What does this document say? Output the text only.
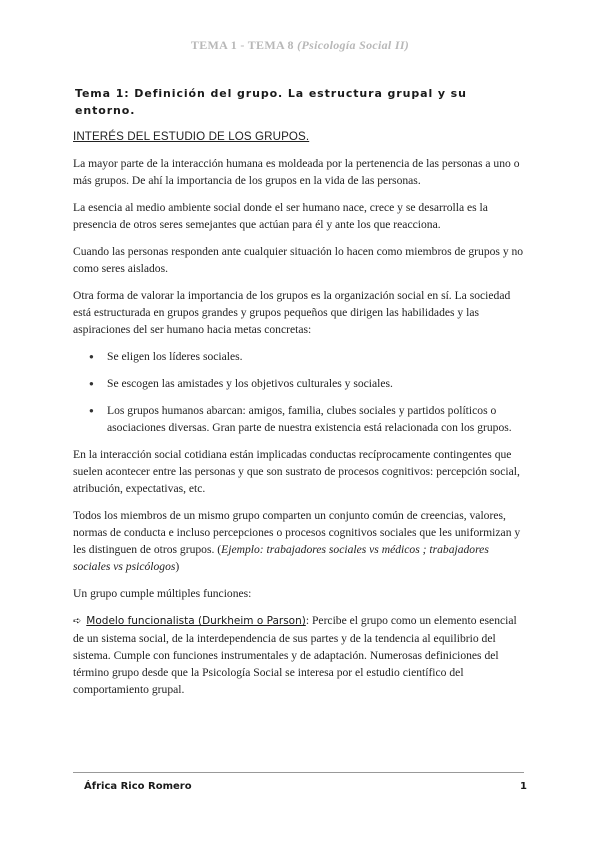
TEMA 1 - TEMA 8 (Psicología Social II)
Tema 1: Definición del grupo. La estructura grupal y su entorno.
INTERÉS DEL ESTUDIO DE LOS GRUPOS.

La mayor parte de la interacción humana es moldeada por la pertenencia de las personas a uno o más grupos. De ahí la importancia de los grupos en la vida de las personas.

La esencia al medio ambiente social donde el ser humano nace, crece y se desarrolla es la presencia de otros seres semejantes que actúan para él y ante los que reacciona.

Cuando las personas responden ante cualquier situación lo hacen como miembros de grupos y no como seres aislados.

Otra forma de valorar la importancia de los grupos es la organización social en sí. La sociedad está estructurada en grupos grandes y grupos pequeños que dirigen las habilidades y las aspiraciones del ser humano hacia metas concretas:

● Se eligen los líderes sociales.
● Se escogen las amistades y los objetivos culturales y sociales.
● Los grupos humanos abarcan: amigos, familia, clubes sociales y partidos políticos o asociaciones diversas. Gran parte de nuestra existencia está relacionada con los grupos.

En la interacción social cotidiana están implicadas conductas recíprocamente contingentes que suelen acontecer entre las personas y que son sustrato de procesos cognitivos: percepción social, atribución, expectativas, etc.

Todos los miembros de un mismo grupo comparten un conjunto común de creencias, valores, normas de conducta e incluso percepciones o procesos cognitivos sociales que les uniformizan y les distinguen de otros grupos. (Ejemplo: trabajadores sociales vs médicos ; trabajadores sociales vs psicólogos)

Un grupo cumple múltiples funciones:

➪ Modelo funcionalista (Durkheim o Parson): Percibe el grupo como un elemento esencial de un sistema social, de la interdependencia de sus partes y de la tendencia al equilibrio del sistema. Cumple con funciones instrumentales y de adaptación. Numerosas definiciones del término grupo desde que la Psicología Social se interesa por el estudio científico del comportamiento grupal.

África Rico Romero	1
